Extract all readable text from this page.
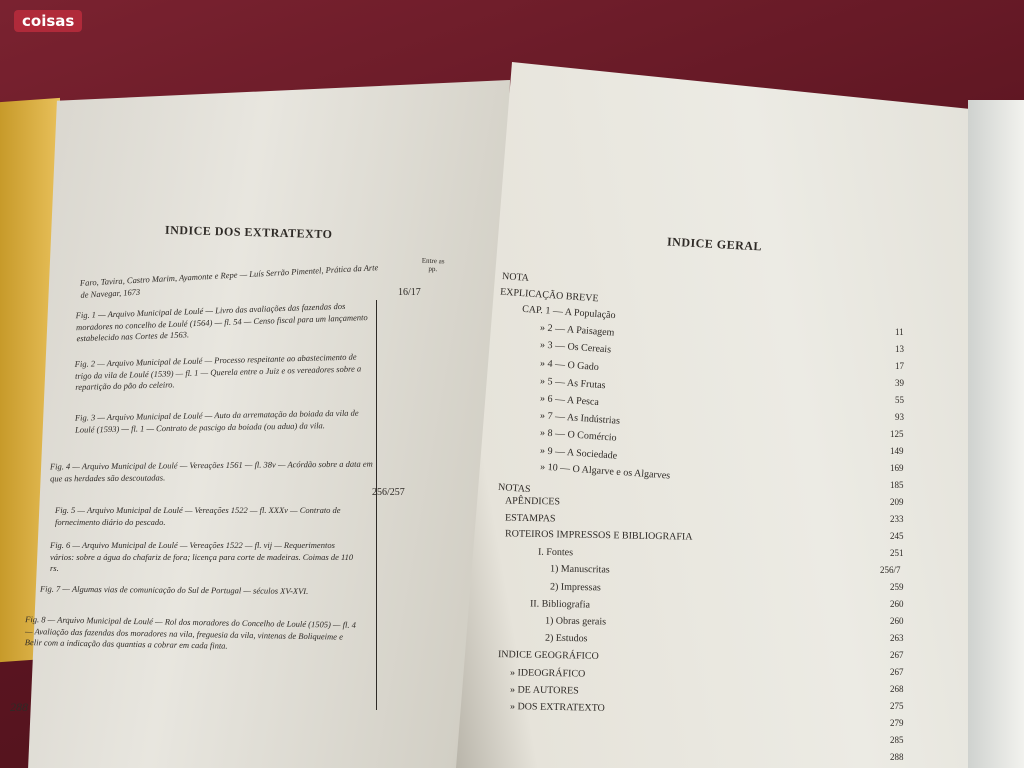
coisas
INDICE DOS EXTRATEXTO
Entre as pp.
Faro, Tavira, Castro Marim, Ayamonte e Repe — Luís Serrão Pimentel, Prática da Arte de Navegar, 1673	16/17
Fig. 1 — Arquivo Municipal de Loulé — Livro das avaliações das fazendas dos moradores no concelho de Loulé (1564) — fl. 54 — Censo fiscal para um lançamento estabelecido nas Cortes de 1563.
Fig. 2 — Arquivo Municipal de Loulé — Processo respeitante ao abastecimento de trigo da vila de Loulé (1539) — fl. 1 — Querela entre o Juiz e os vereadores sobre a repartição do pão do celeiro.
Fig. 3 — Arquivo Municipal de Loulé — Auto da arrematação da boiada da vila de Loulé (1593) — fl. 1 — Contrato de pascigo da boiada (ou adua) da vila.
Fig. 4 — Arquivo Municipal de Loulé — Vereações 1561 — fl. 38v — Acórdão sobre a data em que as herdades são descoutadas.
256/257
Fig. 5 — Arquivo Municipal de Loulé — Vereações 1522 — fl. XXXv — Contrato de fornecimento diário do pescado.
Fig. 6 — Arquivo Municipal de Loulé — Vereações 1522 — fl. vij — Requerimentos vários: sobre a água do chafariz de fora; licença para corte de madeiras. Coimas de 110 rs.
Fig. 7 — Algumas vias de comunicação do Sul de Portugal — séculos XV-XVI.
Fig. 8 — Arquivo Municipal de Loulé — Rol dos moradores do Concelho de Loulé (1505) — fl. 4 — Avaliação das fazendas dos moradores na vila, freguesia da vila, vintenas de Boliqueime e Belir com a indicação das quantias a cobrar em cada finta.
288
INDICE GERAL
NOTA
EXPLICAÇÃO BREVE
11
CAP. 1 — A População
13
» 2 — A Paisagem
17
» 3 — Os Cereais
39
» 4 — O Gado
55
» 5 — As Frutas
93
» 6 — A Pesca
125
» 7 — As Indústrias
149
» 8 — O Comércio
169
» 9 — A Sociedade
185
» 10 — O Algarve e os Algarves
209
NOTAS
233
APÊNDICES
245
ESTAMPAS
251
ROTEIROS IMPRESSOS E BIBLIOGRAFIA
256/7
I. Fontes
259
1) Manuscritas
260
2) Impressas
260
II. Bibliografia
263
1) Obras gerais
267
2) Estudos
267
INDICE GEOGRÁFICO
268
» IDEOGRÁFICO
275
» DE AUTORES
279
» DOS EXTRATEXTO
285
288
